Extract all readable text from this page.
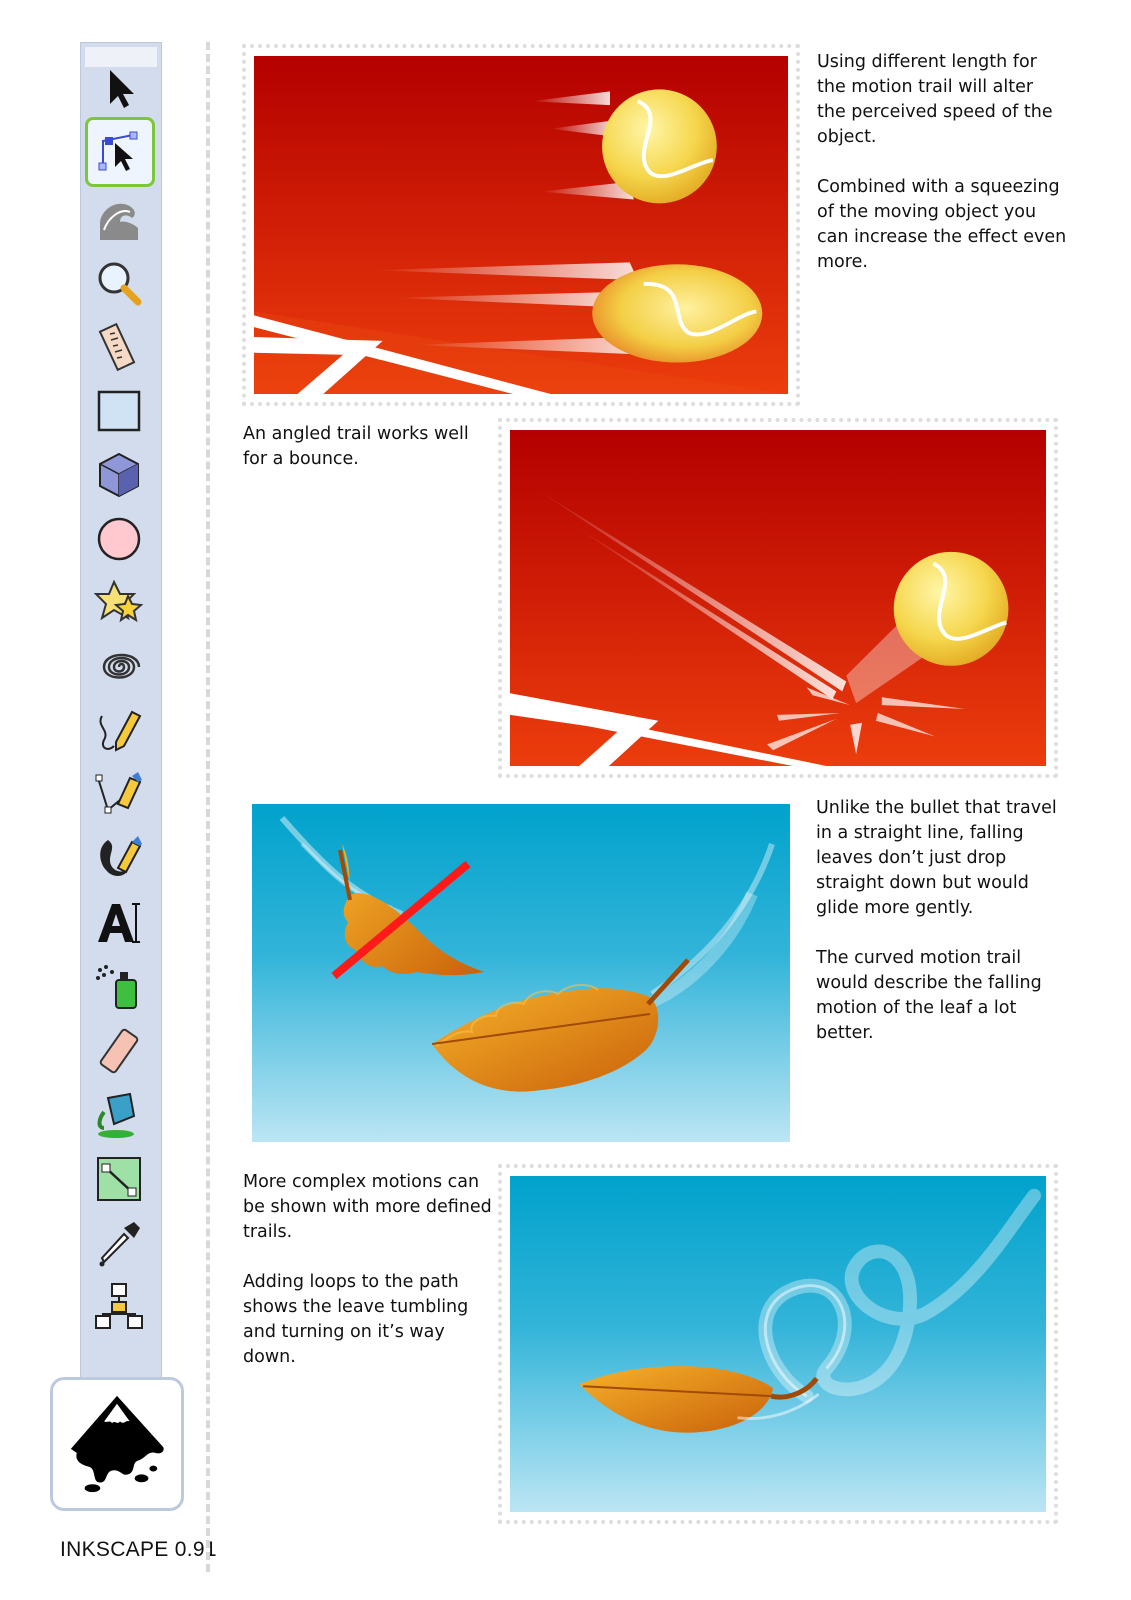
INKSCAPE 0.91

Using different length for the motion trail will alter the perceived speed of the object.

Combined with a squeezing of the moving object you can increase the effect even more.

An angled trail works well for a bounce.

Unlike the bullet that travel in a straight line, falling leaves don’t just drop straight down but would glide more gently.

The curved motion trail would describe the falling motion of the leaf a lot better.

More complex motions can be shown with more defined trails.

Adding loops to the path shows the leave tumbling and turning on it’s way down.
